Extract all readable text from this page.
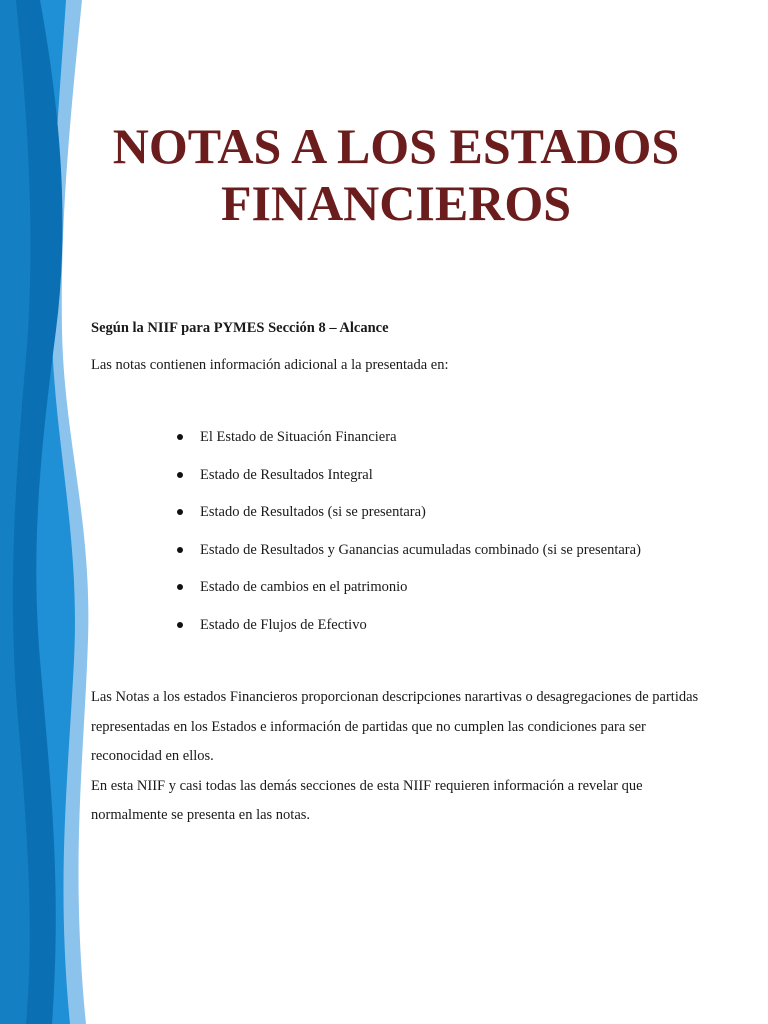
NOTAS A LOS ESTADOS FINANCIEROS

Según la NIIF para PYMES Sección 8 – Alcance

Las notas contienen información adicional a la presentada en:

El Estado de Situación Financiera
Estado de Resultados Integral
Estado de Resultados (si se presentara)
Estado de Resultados y Ganancias acumuladas combinado (si se presentara)
Estado de cambios en el patrimonio
Estado de Flujos de Efectivo

Las Notas a los estados Financieros proporcionan descripciones narartivas o desagregaciones de partidas representadas en los Estados e información de partidas que no cumplen las condiciones para ser reconocidad en ellos.

En esta NIIF y casi todas las demás secciones de esta NIIF requieren información a revelar que normalmente se presenta en las notas.
